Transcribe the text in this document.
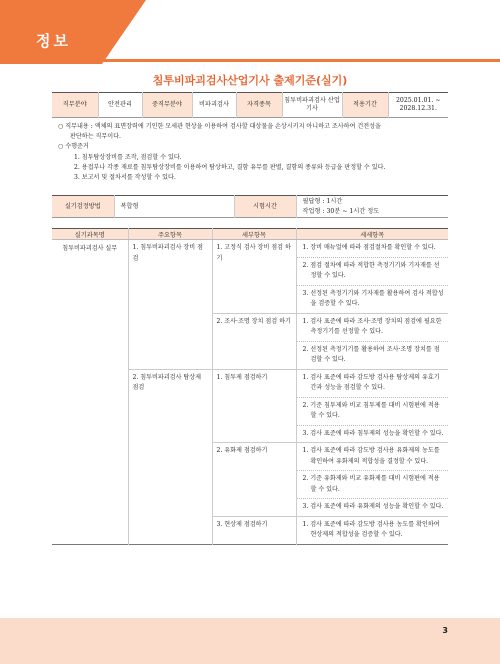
정보
침투비파괴검사산업기사 출제기준(실기)
직무분야	안전관리	중직무분야	비파괴검사	자격종목	침투비파괴검사 산업기사	적용기간	2025.01.01. ~ 2028.12.31.
○ 직무내용 : 액체의 표면장력에 기인한 모세관 현상을 이용하여 검사할 대상물을 손상시키지 아니하고 조사하여 건전성을
판단하는 직무이다.
○ 수행준거
1. 침투탐상장비를 조작, 점검할 수 있다.
2. 용접부나 각종 재료를 침투탐상장비를 이용하여 탐상하고, 결함 유무를 판별, 결함의 종류와 등급을 판정할 수 있다.
3. 보고서 및 절차서를 작성할 수 있다.
실기검정방법	복합형	시험시간	
필답형 : 1시간
작업형 : 30분 ~ 1시간 정도
실기과목명	주요항목	세부항목	세세항목
침투비파괴검사 실무	1. 침투비파괴검사 장비 점검	1. 고정식 검사 장비 점검 하기	1. 장비 매뉴얼에 따라 점검절차를 확인할 수 있다.
			2. 점검 절차에 따라 적합한 측정기기와 기자재를 선정할 수 있다.
			3. 선정된 측정기기와 기자재를 활용하여 검사 적합성을 검증할 수 있다.
		2. 조사·조명 장치 점검 하기	1. 검사 표준에 따라 조사·조명 장치의 점검에 필요한 측정기기를 선정할 수 있다.
			2. 선정된 측정기기를 활용하여 조사·조명 장치를 점검할 수 있다.
	2. 침투비파괴검사 탐상제 점검	1. 침투제 점검하기	1. 검사 표준에 따라 감도방 검사용 탐상제의 유효기간과 성능을 점검할 수 있다.
			2. 기준 침투제와 비교 침투제를 대비 시험편에 적용할 수 있다.
			3. 검사 표준에 따라 침투제의 성능을 확인할 수 있다.
		2. 유화제 점검하기	1. 검사 표준에 따라 감도방 검사용 유화제의 농도를 확인하여 유화제의 적합성을 결정할 수 있다.
			2. 기준 유화제와 비교 유화제를 대비 시험편에 적용할 수 있다.
			3. 검사 표준에 따라 유화제의 성능을 확인할 수 있다.
		3. 현상제 점검하기	1. 검사 표준에 따라 감도방 검사용 농도를 확인하여 현상제의 적합성을 검증할 수 있다.
3
